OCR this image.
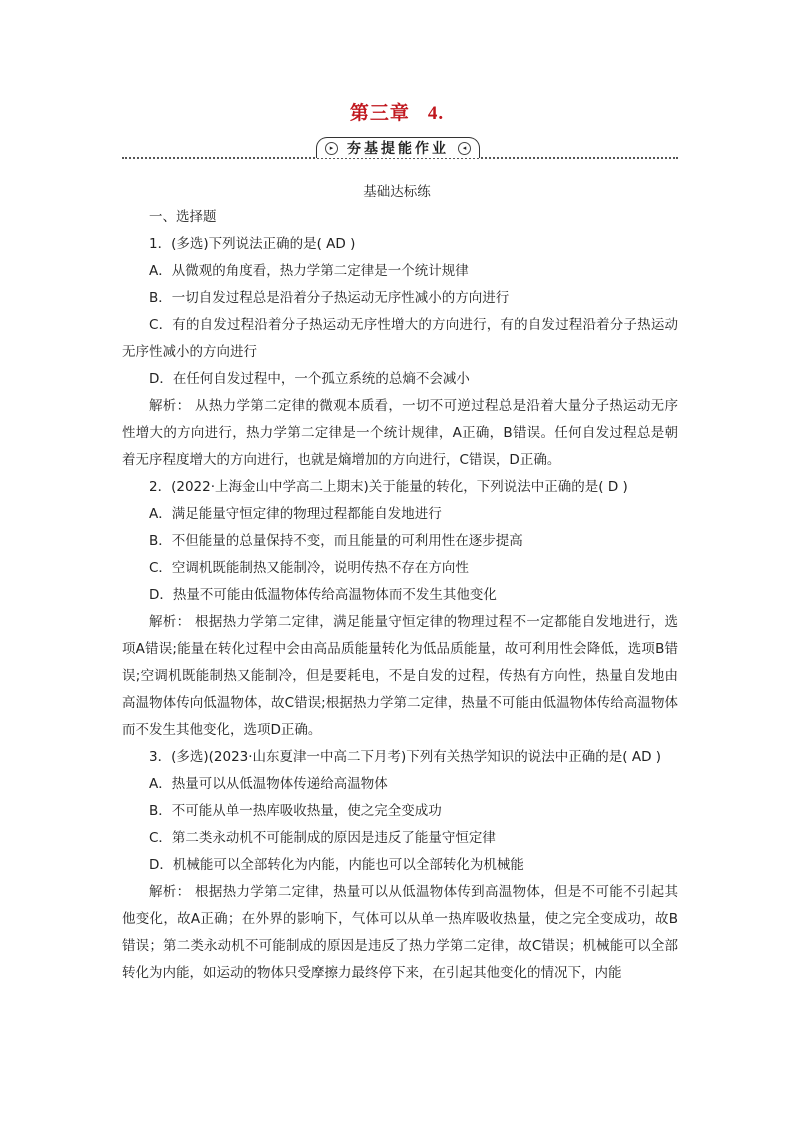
第三章 4.
▸ 夯基提能作业	◂
基础达标练

一、选择题

1．(多选)下列说法正确的是( AD )

A．从微观的角度看，热力学第二定律是一个统计规律

B．一切自发过程总是沿着分子热运动无序性减小的方向进行

C．有的自发过程沿着分子热运动无序性增大的方向进行，有的自发过程沿着分子热运动无序性减小的方向进行

D．在任何自发过程中，一个孤立系统的总熵不会减小

解析： 从热力学第二定律的微观本质看，一切不可逆过程总是沿着大量分子热运动无序性增大的方向进行，热力学第二定律是一个统计规律，A正确，B错误。任何自发过程总是朝着无序程度增大的方向进行，也就是熵增加的方向进行，C错误，D正确。

2．(2022·上海金山中学高二上期末)关于能量的转化，下列说法中正确的是( D )

A．满足能量守恒定律的物理过程都能自发地进行

B．不但能量的总量保持不变，而且能量的可利用性在逐步提高

C．空调机既能制热又能制冷，说明传热不存在方向性

D．热量不可能由低温物体传给高温物体而不发生其他变化

解析： 根据热力学第二定律，满足能量守恒定律的物理过程不一定都能自发地进行，选项A错误;能量在转化过程中会由高品质能量转化为低品质能量，故可利用性会降低，选项B错误;空调机既能制热又能制冷，但是要耗电，不是自发的过程，传热有方向性，热量自发地由高温物体传向低温物体，故C错误;根据热力学第二定律，热量不可能由低温物体传给高温物体而不发生其他变化，选项D正确。

3．(多选)(2023·山东夏津一中高二下月考)下列有关热学知识的说法中正确的是( AD )

A．热量可以从低温物体传递给高温物体

B．不可能从单一热库吸收热量，使之完全变成功

C．第二类永动机不可能制成的原因是违反了能量守恒定律

D．机械能可以全部转化为内能，内能也可以全部转化为机械能

解析： 根据热力学第二定律，热量可以从低温物体传到高温物体，但是不可能不引起其他变化，故A正确；在外界的影响下，气体可以从单一热库吸收热量，使之完全变成功，故B错误；第二类永动机不可能制成的原因是违反了热力学第二定律，故C错误；机械能可以全部转化为内能，如运动的物体只受摩擦力最终停下来，在引起其他变化的情况下，内能
